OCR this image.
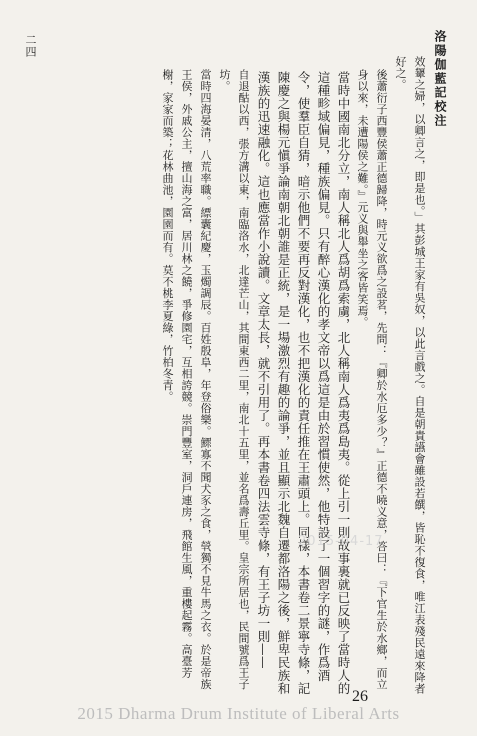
洛陽伽藍記校注
二四

效顰之婦，以卿言之，即是也。」其彭城王家有吳奴，以此言戲之。自是朝貴讌會雖設若饌，皆恥不復食，唯江表殘民遠來降者好之。

後蕭衍子西豐侯蕭正德歸降，時元义欲爲之設茗，先問：『卿於水厄多少？』正德不曉义意，答曰：『下官生於水鄉，而立身以來，未遭陽侯之難。』元义與舉坐之客皆笑焉。

當時中國南北分立，南人稱北人爲胡爲索虜，北人稱南人爲夷爲島夷。從上引一則故事裏就已反映了當時人的這種畛域偏見，種族偏見。只有醉心漢化的孝文帝以爲這是由於習慣使然，他特設了一個習字的謎，作爲酒令，使羣臣自猜，暗示他們不要再反對漢化，也不把漢化的責任推在王肅頭上。同樣，本書卷二景寧寺條，記陳慶之與楊元愼爭論南朝北朝誰是正統，是一場激烈有趣的論爭，並且顯示北魏自遷都洛陽之後，鮮卑民族和漢族的迅速融化。這也應當作小說讀。文章太長，就不引用了。再本書卷四法雲寺條，有王子坊一則——

自退酤以西，張方溝以東，南臨洛水，北達芒山，其間東西二里，南北十五里，並名爲壽丘里。皇宗所居也，民間號爲王子坊。

當時四海晏清，八荒率職。縹囊紀慶，玉燭調辰。百姓殷阜，年登俗樂。鰥寡不聞犬豕之食，煢獨不見牛馬之衣。於是帝族王侯，外戚公主，擅山海之富，居川林之饒，爭修園宅，互相誇競。崇門豐室，洞戶連房，飛館生風，重樓起霧。高臺芳榭，家家而築；花林曲池，園園而有。莫不桃李夏綠，竹柏冬青。

2015-04-17
26
2015 Dharma Drum Institute of Liberal Arts
